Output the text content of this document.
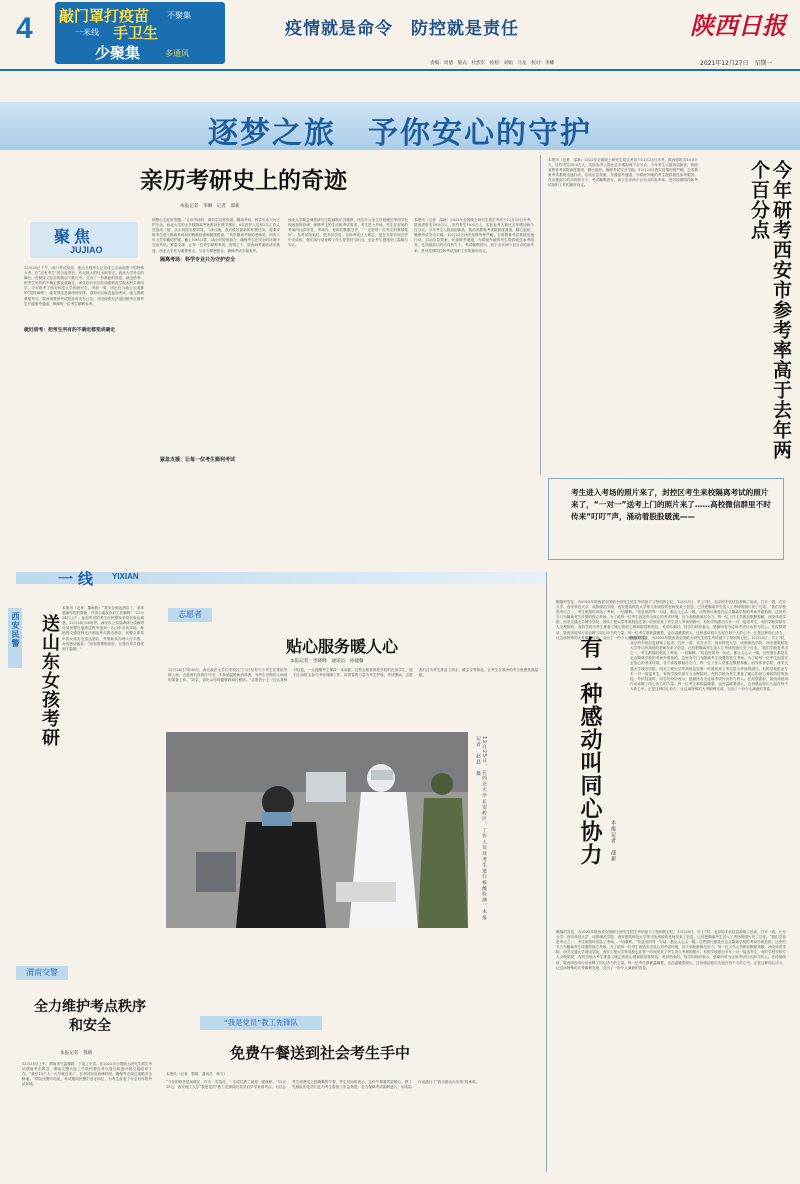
4 敲门罩打疫苗 不聚集
一米线 手卫生
少聚集	多通风
疫情就是命令　防控就是责任	陕西日报
责编：周倩　版式：杜烈军　校检：刘娟　马龙　校对：李卿	2021年12月27日　星期一
逐梦之旅　予你安心的守护
亲历考研史上的奇迹
本报记者　李琳　记者　邵新
聚焦
JUJIAO
12月25日下午，西门考试结束，绝大多数考生已完成了这场疫情下的特殊大考。在“总有考生”的日夜背后，有无数人的付出和坚守。西北大学考点的舞台，在紧张又复杂的情况下推行中，交出了一份满意的答卷。就近借考：把考生所有的不确定都变成确定。家住在长安区的成都师范学院本科生黄同学，今年报考了西安科技大学的研究生。考前一周，因正在当地公示成都的“阳性病例”，她觉得这是最终的安排。得知可以就近参加考试，她立即联系报考点。陕西省教育考试院及时发布公告，对因疫情无法返回报考点的考生开通借考通道，保障每一位考生顺利参考。
调整心态好好答题。”走出考场时，黄同学这样说道。隔离考场：科学专业只为守护安全。西北大学的大多数隔离考场都设在教学楼区，6名医护人员和2名工作人员组成一组，从头到尾全程陪同。“24日晚，我们做好最新的布署任务，需要安排考生进入隔离考场前的核酸检测和健康排查。”负责隔离考场的老师说，所有工作人员穿戴防护服、戴上N95口罩，24小时轮班值守，确保考生在安全的环境中完成考试。紧急支援：让每一位考生顺利考试。疫情之下，陕西研考面临诸多挑战，西北大学作为重要考点，与各方紧密配合，确保考试平稳有序。
就近借考：把考生所有的不确定都变成确定
隔离考场：科学专业只为守护安全
紧急支援：让每一位考生顺利考试
西北大学紧急调派研究生院副院长冯婕带、西学办公室主任段俊岳等同学在现场指挥协调，保障考生的生活和考试需求。考生进入考场，考生在封闭的考场内认真作答，考场外，老师们默默守护，“一定把每一位考生的事情做好”。在考试结束时，很多同学说，这场考试让人难忘，是在大家共同守护中完成的。他们用行动诠释了什么是责任与担当，也让考生感受到了温暖与安心。
本报讯（记者　邵新）2022年全国硕士研究生招生考试于12月25日开考，陕西省报名18.8万人，应约考生10.6万人，实际参考人数比去年增加两个百分点。今年考生人数再创新高，陕西省教育考试院高度重视，精心组织，确保考试安全平稳。12月23日西安疫情形势严峻，全省教育考试系统迅速行动，启动应急预案，开通借考通道，为滞留外地的考生提供就近参考服务。在各级部门的共同努力下，考试顺利进行，高于去年两个百分点的参考率，是对疫情防控和考试组织工作的最好肯定。
本报讯（记者　邵新）2022年全国硕士研究生招生考试于12月25日开考，陕西省报名18.8万人，应约考生10.6万人，实际参考人数比去年增加两个百分点。今年考生人数再创新高，陕西省教育考试院高度重视，精心组织，确保考试安全平稳。12月23日西安疫情形势严峻，全省教育考试系统迅速行动，启动应急预案，开通借考通道，为滞留外地的考生提供就近参考服务。在各级部门的共同努力下，考试顺利进行，高于去年两个百分点的参考率，是对疫情防控和考试组织工作的最好肯定。	今年研考西安市参考率高于去年两个百分点
考生进入考场的照片来了，封控区考生来校隔离考试的照片来了，“一对一”送考上门的照片来了……高校微信群里不时传来“叮叮”声，涌动着股股暖流——
一线 YIXIAN
西安民警 送山东女孩考研
本报讯（记者　董海影）“我安全到达酒店了，非常感谢你们的帮助，并衷心地祝你们工作顺利！”12月24日上午，参加考试的考生向民警发来短信表达谢意。12月24日20时许，西安市公安局碑林分局雁塔分局民警在值班过程中接到一名山东女孩求助，称她因交通管制无法到达考点附近酒店。民警立即驾车将女孩安全送达酒店，并帮助其办理入住手续。女孩感动地说：“西安的警察真好，让我在异乡感受到了温暖。”
志愿者
贴心服务暖人心
本报记者　李晓峰　通讯员　孙婕馨
12月25日7时30分，西北政法大学长安校区门口已经有不少考生在排队等候入场，志愿者们身着红马甲，手拿测温枪和消毒液，为考生们做好入场前的准备工作。“同学，请出示你的健康码和行程码。”志愿者小王一边认真核对信息，一边提醒考生保持一米间距。这些志愿者都是学校的在读学生，他们主动报名参与考务保障工作，用青春的力量为考生护航。考试期间，志愿者们还为考生准备了热水、暖宝宝等物品，让考生在寒冷的冬日里感受到温暖。
12月25日，在西北大学长安校区，工作人员对考生进行核酸检测。本报记者　赵晨　摄
渭南交警
全力维护考点秩序和安全
本报记者　鄠婧
12月25日上午，渭南市气温骤降，下起了小雪。在2022年全国硕士研究生招生考试渭南考点附近，渭南交警大队三中队民警在考点周边积极开展交通疏导工作。“我们15个人一大早就过来了，在考试前后高峰时段，确保考点周边道路安全畅通。”带队民警介绍说，考试期间民警们坚守岗位，为考生营造了安全有序的考试环境。
“我是党员”教工先锋队
免费午餐送到社会考生手中
本报讯（记者　鄠婧　通讯员　杨飞）
“今年的研考是场硬仗，作为一名党员，一名党员教工就是一面旗帜。”12月25日，西安理工大学“我是党员”教工先锋队的党员们早早来到考点，为社会考生免费送上热腾腾的午餐。考生们纷纷表示，这份午餐暖胃更暖心。教工先锋队的党员们还为考生准备了应急物资，全力保障考试顺利进行，用实际行动践行了“我为群众办实事”的承诺。
飘落的雪花，为2022年陕西省全国硕士研究生招生考试留下了特别的记忆。12月25日，早上7时，北京的手机信息被唤了起来，打开一看，长安大学、西安科技大学、成都师范学院、西安建筑科技大学等几所高校的老师发来了信息，已经把隔离考生送入了考场的照片发了过来。“我们学校是考点之一，考生都按时到达了考场，一切顺利。”信息里的每一句话，都让人心头一暖。这些照片都是在定点隔离学校的考场外面拍的，这里有专门为隔离考生设置的独立考场。为了给每一位考生创造安全放心的考试环境，各个高校都倾尽全力，每一位工作人员都在默默奉献。西安体育学院、西安交通大学城市学院、西安工程大学等高校也在第一时间发来了考生进入考场的照片。有的学校派出专车一对一接送考生，有的学校安排专人全程陪同，有的学校为考生准备了暖心的爱心餐和防疫物资包。考试结束时，同学们纷纷表示，感谢所有为这场考试付出努力的人。在疫情面前，陕西高校用行动诠释了同心协力的力量。每一位考生都被温暖着，也在温暖着别人，这份感动将久久留在每个人的心中。正是这种同心协力，让这场特殊的大考顺利完成，交出了一份令人满意的答卷。
有一种感动叫同心协力	本报记者　邵新
飘落的雪花，为2022年陕西省全国硕士研究生招生考试留下了特别的记忆。12月25日，早上7时，北京的手机信息被唤了起来，打开一看，长安大学、西安科技大学、成都师范学院、西安建筑科技大学等几所高校的老师发来了信息，已经把隔离考生送入了考场的照片发了过来。“我们学校是考点之一，考生都按时到达了考场，一切顺利。”信息里的每一句话，都让人心头一暖。这些照片都是在定点隔离学校的考场外面拍的，这里有专门为隔离考生设置的独立考场。为了给每一位考生创造安全放心的考试环境，各个高校都倾尽全力，每一位工作人员都在默默奉献。西安体育学院、西安交通大学城市学院、西安工程大学等高校也在第一时间发来了考生进入考场的照片。有的学校派出专车一对一接送考生，有的学校安排专人全程陪同，有的学校为考生准备了暖心的爱心餐和防疫物资包。考试结束时，同学们纷纷表示，感谢所有为这场考试付出努力的人。在疫情面前，陕西高校用行动诠释了同心协力的力量。每一位考生都被温暖着，也在温暖着别人，这份感动将久久留在每个人的心中。正是这种同心协力，让这场特殊的大考顺利完成，交出了一份令人满意的答卷。
飘落的雪花，为2022年陕西省全国硕士研究生招生考试留下了特别的记忆。12月25日，早上7时，北京的手机信息被唤了起来，打开一看，长安大学、西安科技大学、成都师范学院、西安建筑科技大学等几所高校的老师发来了信息，已经把隔离考生送入了考场的照片发了过来。“我们学校是考点之一，考生都按时到达了考场，一切顺利。”信息里的每一句话，都让人心头一暖。这些照片都是在定点隔离学校的考场外面拍的，这里有专门为隔离考生设置的独立考场。为了给每一位考生创造安全放心的考试环境，各个高校都倾尽全力，每一位工作人员都在默默奉献。西安体育学院、西安交通大学城市学院、西安工程大学等高校也在第一时间发来了考生进入考场的照片。有的学校派出专车一对一接送考生，有的学校安排专人全程陪同，有的学校为考生准备了暖心的爱心餐和防疫物资包。考试结束时，同学们纷纷表示，感谢所有为这场考试付出努力的人。在疫情面前，陕西高校用行动诠释了同心协力的力量。每一位考生都被温暖着，也在温暖着别人，这份感动将久久留在每个人的心中。正是这种同心协力，让这场特殊的大考顺利完成，交出了一份令人满意的答卷。
